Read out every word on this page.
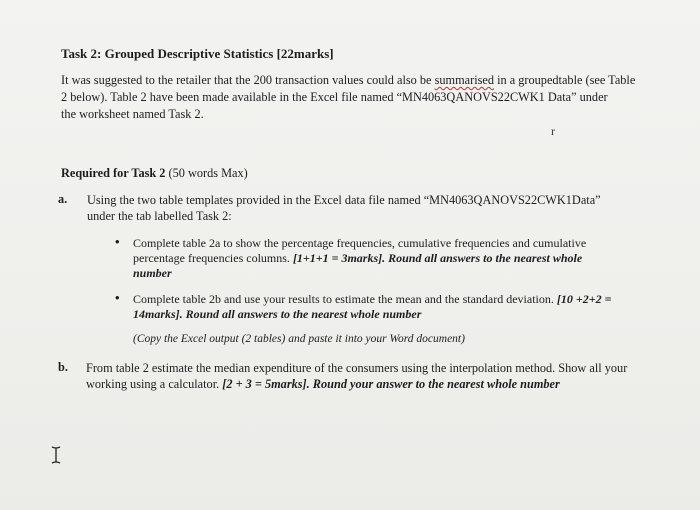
Task 2: Grouped Descriptive Statistics [22marks]
It was suggested to the retailer that the 200 transaction values could also be summarised in a groupedtable (see Table
2 below). Table 2 have been made available in the Excel file named “MN4063QANOVS22CWK1 Data” under
the worksheet named Task 2.
r
Required for Task 2 (50 words Max)
a. Using the two table templates provided in the Excel data file named “MN4063QANOVS22CWK1Data”
under the tab labelled Task 2:
• Complete table 2a to show the percentage frequencies, cumulative frequencies and cumulative
percentage frequencies columns. [1+1+1 = 3marks]. Round all answers to the nearest whole
number
• Complete table 2b and use your results to estimate the mean and the standard deviation. [10 +2+2 =
14marks]. Round all answers to the nearest whole number
(Copy the Excel output (2 tables) and paste it into your Word document)
b. From table 2 estimate the median expenditure of the consumers using the interpolation method. Show all your
working using a calculator. [2 + 3 = 5marks]. Round your answer to the nearest whole number
